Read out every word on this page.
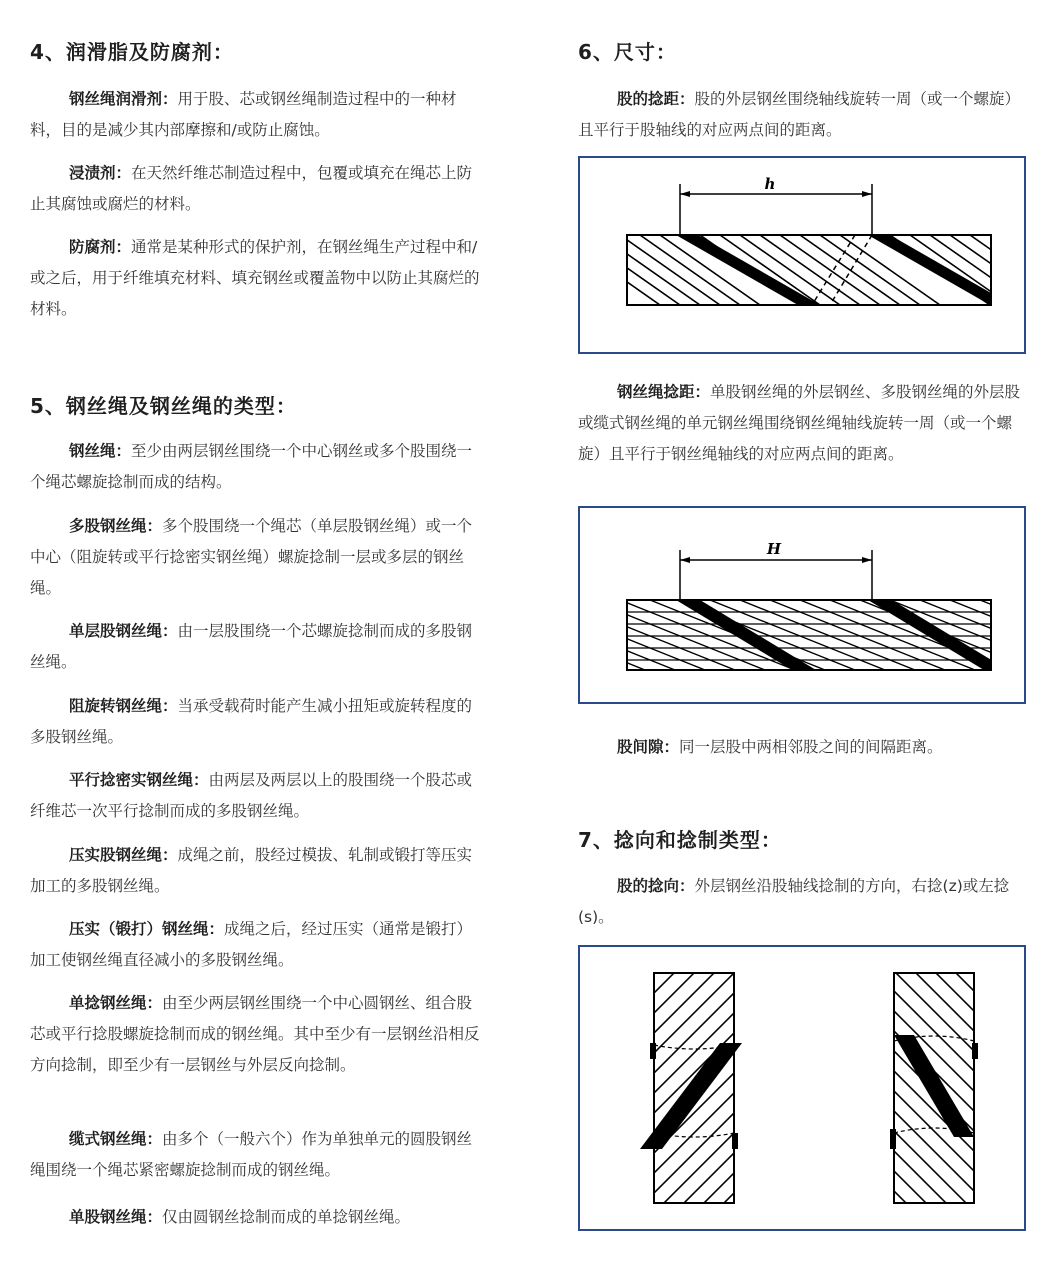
4、润滑脂及防腐剂：

钢丝绳润滑剂：用于股、芯或钢丝绳制造过程中的一种材料，目的是减少其内部摩擦和/或防止腐蚀。

浸渍剂：在天然纤维芯制造过程中，包覆或填充在绳芯上防止其腐蚀或腐烂的材料。

防腐剂：通常是某种形式的保护剂，在钢丝绳生产过程中和/或之后，用于纤维填充材料、填充钢丝或覆盖物中以防止其腐烂的材料。

5、钢丝绳及钢丝绳的类型：

钢丝绳：至少由两层钢丝围绕一个中心钢丝或多个股围绕一个绳芯螺旋捻制而成的结构。

多股钢丝绳：多个股围绕一个绳芯（单层股钢丝绳）或一个中心（阻旋转或平行捻密实钢丝绳）螺旋捻制一层或多层的钢丝绳。

单层股钢丝绳：由一层股围绕一个芯螺旋捻制而成的多股钢丝绳。

阻旋转钢丝绳：当承受载荷时能产生减小扭矩或旋转程度的多股钢丝绳。

平行捻密实钢丝绳：由两层及两层以上的股围绕一个股芯或纤维芯一次平行捻制而成的多股钢丝绳。

压实股钢丝绳：成绳之前，股经过模拔、轧制或锻打等压实加工的多股钢丝绳。

压实（锻打）钢丝绳：成绳之后，经过压实（通常是锻打）加工使钢丝绳直径减小的多股钢丝绳。

单捻钢丝绳：由至少两层钢丝围绕一个中心圆钢丝、组合股芯或平行捻股螺旋捻制而成的钢丝绳。其中至少有一层钢丝沿相反方向捻制，即至少有一层钢丝与外层反向捻制。

缆式钢丝绳：由多个（一般六个）作为单独单元的圆股钢丝绳围绕一个绳芯紧密螺旋捻制而成的钢丝绳。

单股钢丝绳：仅由圆钢丝捻制而成的单捻钢丝绳。

6、尺寸：

股的捻距：股的外层钢丝围绕轴线旋转一周（或一个螺旋）且平行于股轴线的对应两点间的距离。

h

钢丝绳捻距：单股钢丝绳的外层钢丝、多股钢丝绳的外层股或缆式钢丝绳的单元钢丝绳围绕钢丝绳轴线旋转一周（或一个螺旋）且平行于钢丝绳轴线的对应两点间的距离。

H

股间隙：同一层股中两相邻股之间的间隔距离。

7、捻向和捻制类型：

股的捻向：外层钢丝沿股轴线捻制的方向，右捻(z)或左捻(s)。
